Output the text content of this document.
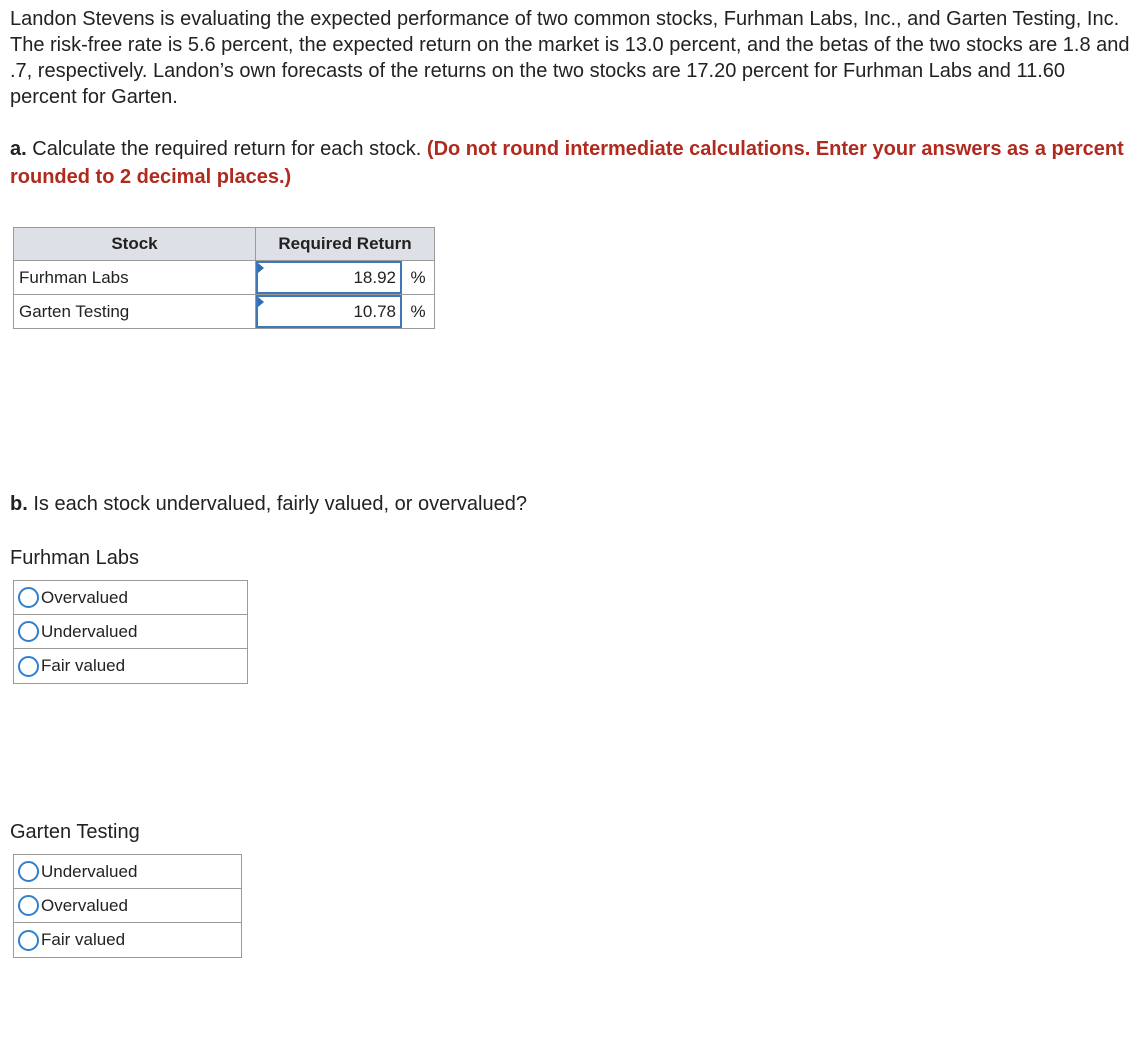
Landon Stevens is evaluating the expected performance of two common stocks, Furhman Labs, Inc., and Garten Testing, Inc. The risk-free rate is 5.6 percent, the expected return on the market is 13.0 percent, and the betas of the two stocks are 1.8 and .7, respectively. Landon’s own forecasts of the returns on the two stocks are 17.20 percent for Furhman Labs and 11.60 percent for Garten.

a. Calculate the required return for each stock. (Do not round intermediate calculations. Enter your answers as a percent rounded to 2 decimal places.)

Stock	Required Return
Furhman Labs	18.92 %

Garten Testing	10.78 %

b. Is each stock undervalued, fairly valued, or overvalued?

Furhman Labs

Overvalued
Undervalued
Fair valued

Garten Testing

Undervalued
Overvalued
Fair valued
